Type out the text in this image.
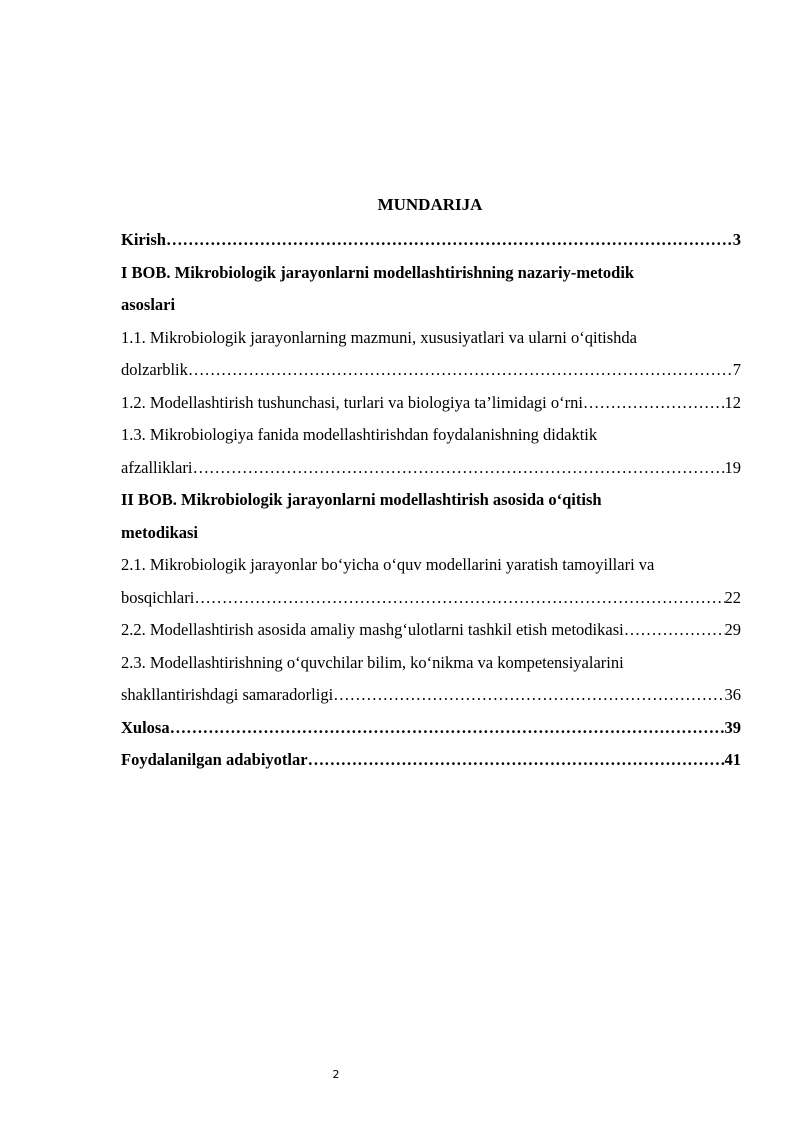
MUNDARIJA
Kirish …………………………………………………………………………………………………………………………………………………………………………	3
I BOB. Mikrobiologik jarayonlarni modellashtirishning nazariy-metodik
asoslari
1.1. Mikrobiologik jarayonlarning mazmuni, xususiyatlari va ularni o‘qitishda
dolzarblik …………………………………………………………………………………………………………………………………………………………………………	7
1.2. Modellashtirish tushunchasi, turlari va biologiya ta’limidagi o‘rni …………………………………………………………………………………………………………………………………………………………………………	12
1.3. Mikrobiologiya fanida modellashtirishdan foydalanishning didaktik
afzalliklari …………………………………………………………………………………………………………………………………………………………………………	19
II BOB. Mikrobiologik jarayonlarni modellashtirish asosida o‘qitish
metodikasi
2.1. Mikrobiologik jarayonlar bo‘yicha o‘quv modellarini yaratish tamoyillari va
bosqichlari …………………………………………………………………………………………………………………………………………………………………………	22
2.2. Modellashtirish asosida amaliy mashg‘ulotlarni tashkil etish metodikasi …………………………………………………………………………………………………………………………………………………………………………	29
2.3. Modellashtirishning o‘quvchilar bilim, ko‘nikma va kompetensiyalarini
shakllantirishdagi samaradorligi …………………………………………………………………………………………………………………………………………………………………………	36
Xulosa …………………………………………………………………………………………………………………………………………………………………………	39
Foydalanilgan adabiyotlar …………………………………………………………………………………………………………………………………………………………………………	41
2
